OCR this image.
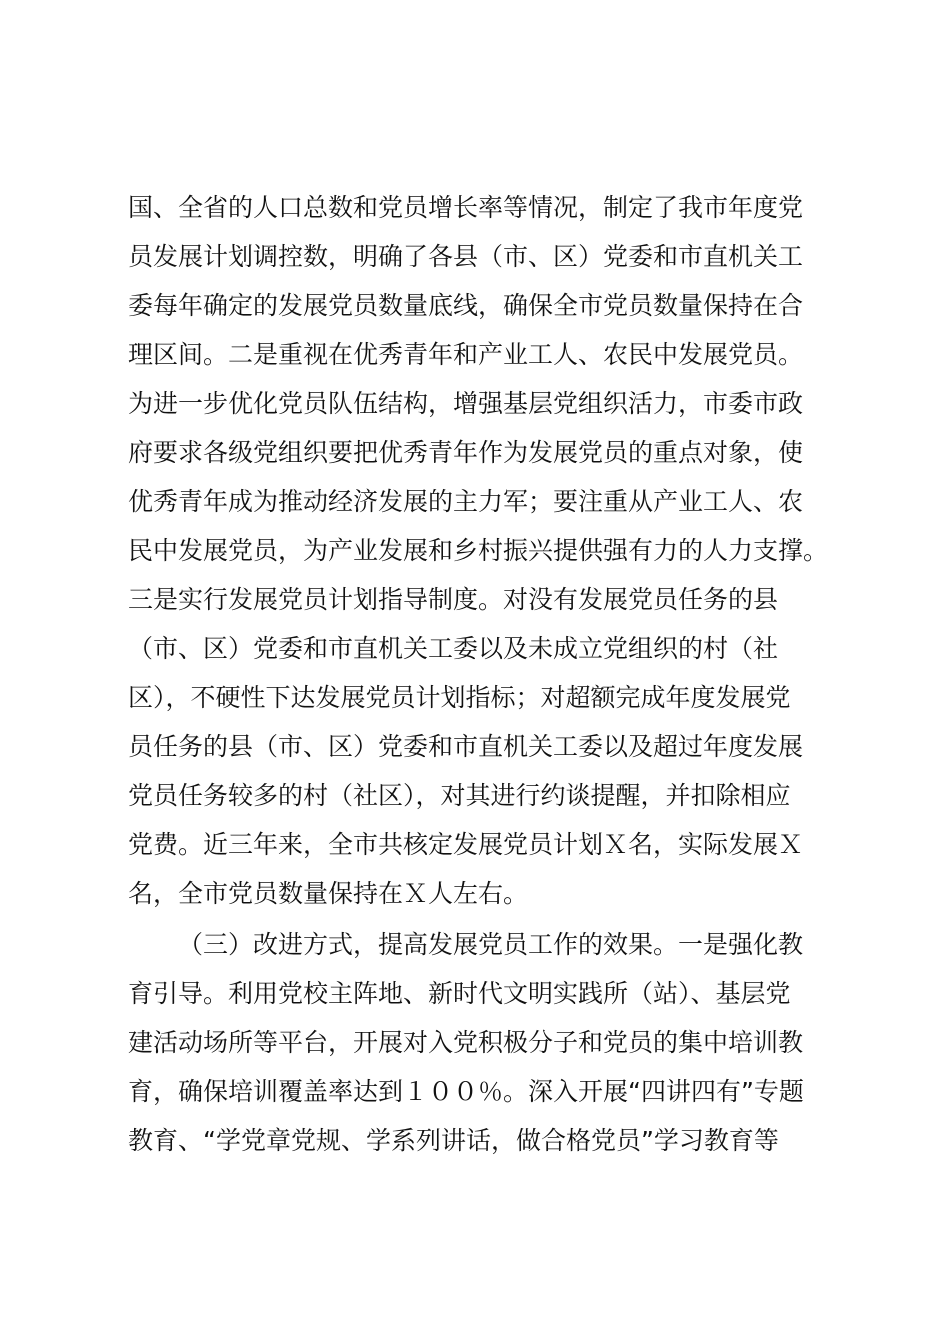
国、全省的人口总数和党员增长率等情况，制定了我市年度党
员发展计划调控数，明确了各县（市、区）党委和市直机关工
委每年确定的发展党员数量底线，确保全市党员数量保持在合
理区间。二是重视在优秀青年和产业工人、农民中发展党员。
为进一步优化党员队伍结构，增强基层党组织活力，市委市政
府要求各级党组织要把优秀青年作为发展党员的重点对象，使
优秀青年成为推动经济发展的主力军；要注重从产业工人、农
民中发展党员，为产业发展和乡村振兴提供强有力的人力支撑。
三是实行发展党员计划指导制度。对没有发展党员任务的县
（市、区）党委和市直机关工委以及未成立党组织的村（社
区），不硬性下达发展党员计划指标；对超额完成年度发展党
员任务的县（市、区）党委和市直机关工委以及超过年度发展
党员任务较多的村（社区），对其进行约谈提醒，并扣除相应
党费。近三年来，全市共核定发展党员计划Ｘ名，实际发展Ｘ
名，全市党员数量保持在Ｘ人左右。
（三）改进方式，提高发展党员工作的效果。一是强化教
育引导。利用党校主阵地、新时代文明实践所（站）、基层党
建活动场所等平台，开展对入党积极分子和党员的集中培训教
育，确保培训覆盖率达到１００％。深入开展“四讲四有”专题
教育、“学党章党规、学系列讲话，做合格党员”学习教育等
